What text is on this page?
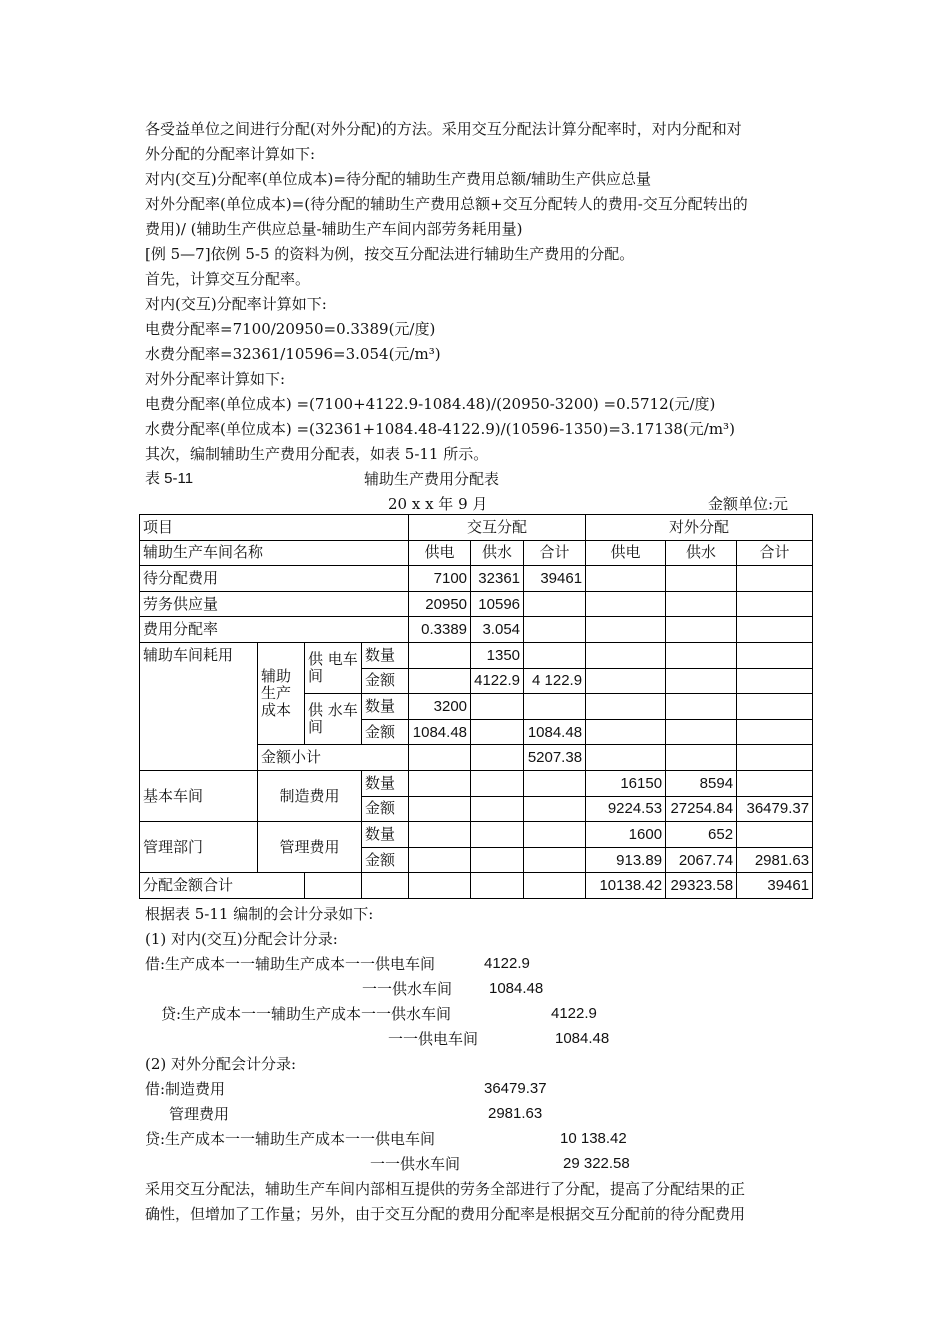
各受益单位之间进行分配(对外分配)的方法。采用交互分配法计算分配率时，对内分配和对
外分配的分配率计算如下:
对内(交互)分配率(单位成本)=待分配的辅助生产费用总额/辅助生产供应总量
对外分配率(单位成本)=(待分配的辅助生产费用总额+交互分配转人的费用-交互分配转出的
费用)/ (辅助生产供应总量-辅助生产车间内部劳务耗用量)
[例 5—7]依例 5-5 的资料为例，按交互分配法进行辅助生产费用的分配。
首先，计算交互分配率。
对内(交互)分配率计算如下:
电费分配率=7100/20950=0.3389(元/度)
水费分配率=32361/10596=3.054(元/m³)
对外分配率计算如下:
电费分配率(单位成本) =(7100+4122.9-1084.48)/(20950-3200) =0.5712(元/度)
水费分配率(单位成本) =(32361+1084.48-4122.9)/(10596-1350)=3.17138(元/m³)
其次，编制辅助生产费用分配表，如表 5-11 所示。
表 5-11	辅助生产费用分配表
20 x x 年 9 月	金额单位:元
项目				交互分配			对外分配		
辅助生产车间名称				供电	供水	合计	供电	供水	合计
待分配费用				7100	32361	39461			
劳务供应量				20950	10596				
费用分配率				0.3389	3.054				
辅助车间耗用	辅助生产成本	供 电车间	数量		1350				
			金额		4122.9	4 122.9			
		供 水车间	数量	3200					
			金额	1084.48		1084.48			
	金额小计					5207.38			
基本车间	制造费用		数量				16150	8594	
			金额				9224.53	27254.84	36479.37
管理部门	管理费用		数量				1600	652	
			金额				913.89	2067.74	2981.63
分配金额合计							10138.42	29323.58	39461
根据表 5-11 编制的会计分录如下:
(1) 对内(交互)分配会计分录:
借:生产成本一一辅助生产成本一一供电车间	4122.9
一一供水车间 1084.48
贷:生产成本一一辅助生产成本一一供水车间	4122.9
一一供电车间	1084.48
(2) 对外分配会计分录:
借:制造费用	36479.37
管理费用	2981.63
贷:生产成本一一辅助生产成本一一供电车间	10 138.42
一一供水车间	29 322.58
采用交互分配法，辅助生产车间内部相互提供的劳务全部进行了分配，提高了分配结果的正
确性，但增加了工作量；另外，由于交互分配的费用分配率是根据交互分配前的待分配费用
